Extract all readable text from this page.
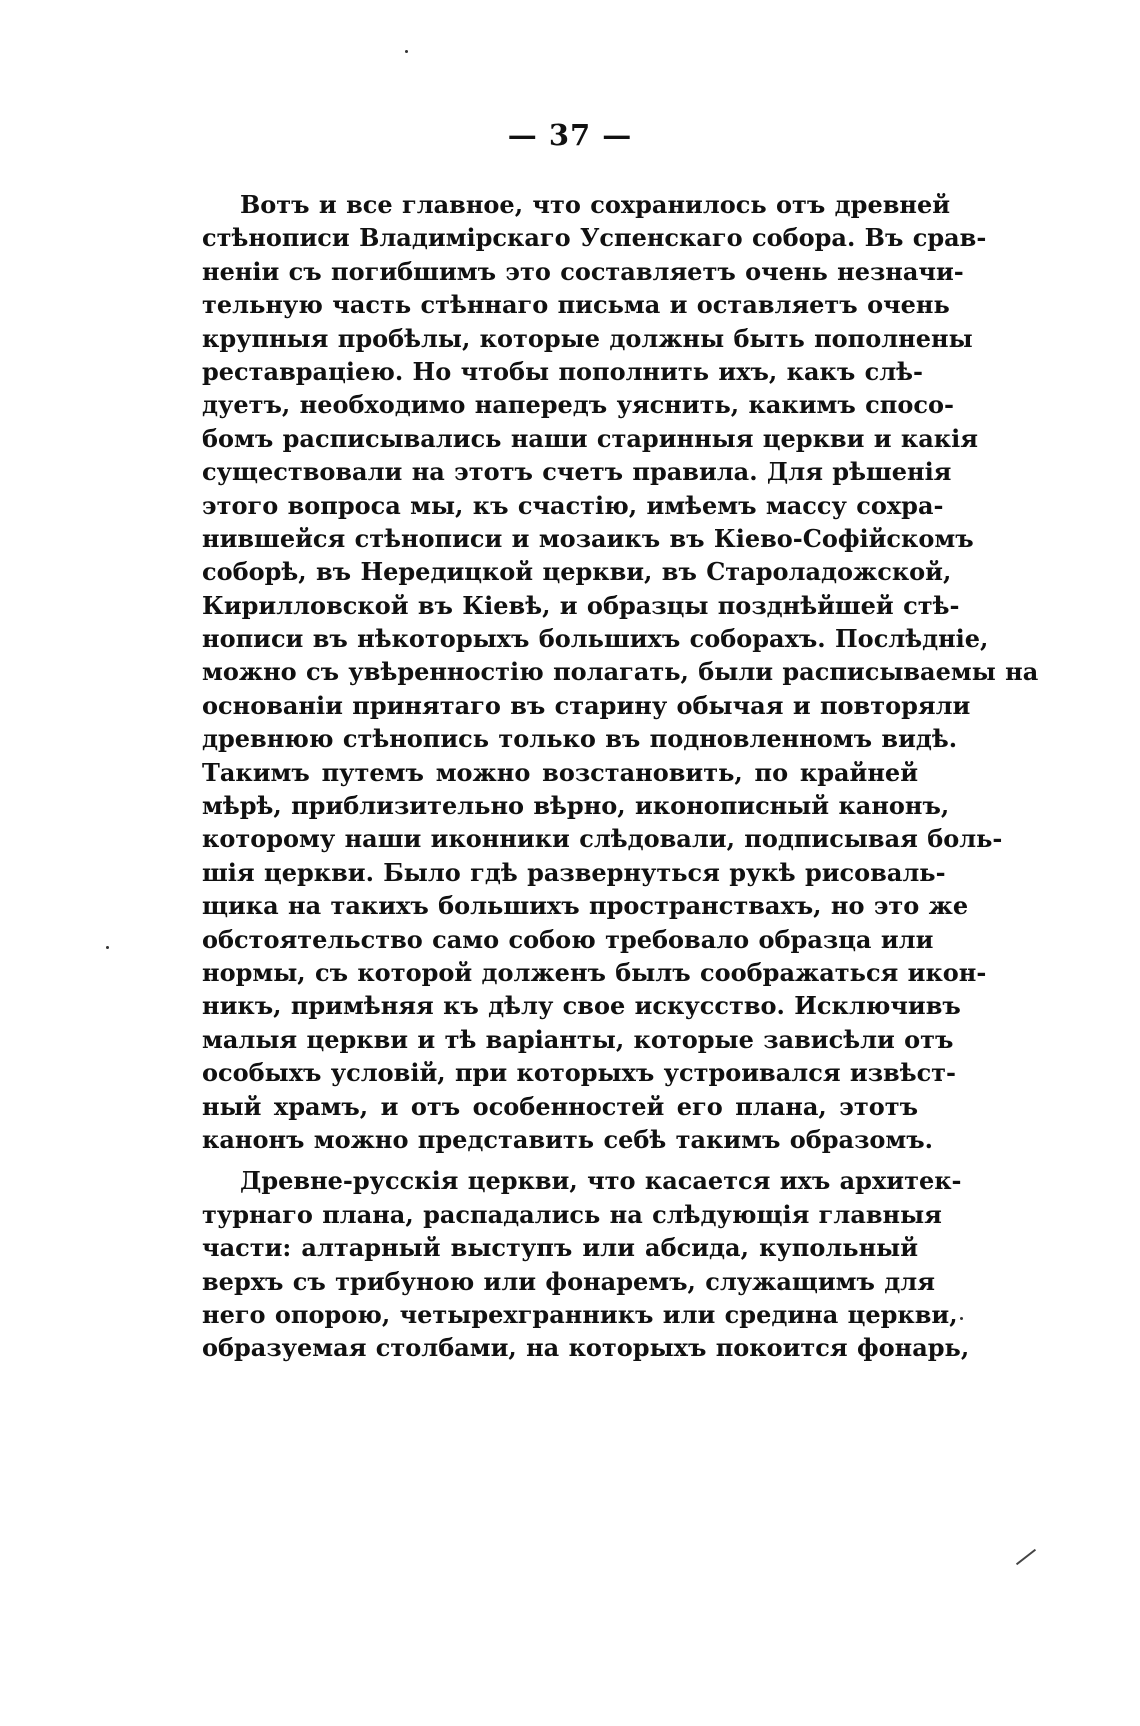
— 37 —
Вотъ и все главное, что сохранилось отъ древней
стѣнописи Владимірскаго Успенскаго собора. Въ срав-
неніи съ погибшимъ это составляетъ очень незначи-
тельную часть стѣннаго письма и оставляетъ очень
крупныя пробѣлы, которые должны быть пополнены
реставраціею. Но чтобы пополнить ихъ, какъ слѣ-
дуетъ, необходимо напередъ уяснить, какимъ спосо-
бомъ расписывались наши старинныя церкви и какія
существовали на этотъ счетъ правила. Для рѣшенія
этого вопроса мы, къ счастію, имѣемъ массу сохра-
нившейся стѣнописи и мозаикъ въ Кіево-Софійскомъ
соборѣ, въ Нередицкой церкви, въ Староладожской,
Кирилловской въ Кіевѣ, и образцы позднѣйшей стѣ-
нописи въ нѣкоторыхъ большихъ соборахъ. Послѣдніе,
можно съ увѣренностію полагать, были расписываемы на
основаніи принятаго въ старину обычая и повторяли
древнюю стѣнопись только въ подновленномъ видѣ.
Такимъ путемъ можно возстановить, по крайней
мѣрѣ, приблизительно вѣрно, иконописный канонъ,
которому наши иконники слѣдовали, подписывая боль-
шія церкви. Было гдѣ развернуться рукѣ рисоваль-
щика на такихъ большихъ пространствахъ, но это же
обстоятельство само собою требовало образца или
нормы, съ которой долженъ былъ соображаться икон-
никъ, примѣняя къ дѣлу свое искусство. Исключивъ
малыя церкви и тѣ варіанты, которые зависѣли отъ
особыхъ условій, при которыхъ устроивался извѣст-
ный храмъ, и отъ особенностей его плана, этотъ
канонъ можно представить себѣ такимъ образомъ.
Древне-русскія церкви, что касается ихъ архитек-
турнаго плана, распадались на слѣдующія главныя
части: алтарный выступъ или абсида, купольный
верхъ съ трибуною или фонаремъ, служащимъ для
него опорою, четырехгранникъ или средина церкви,
образуемая столбами, на которыхъ покоится фонарь,
